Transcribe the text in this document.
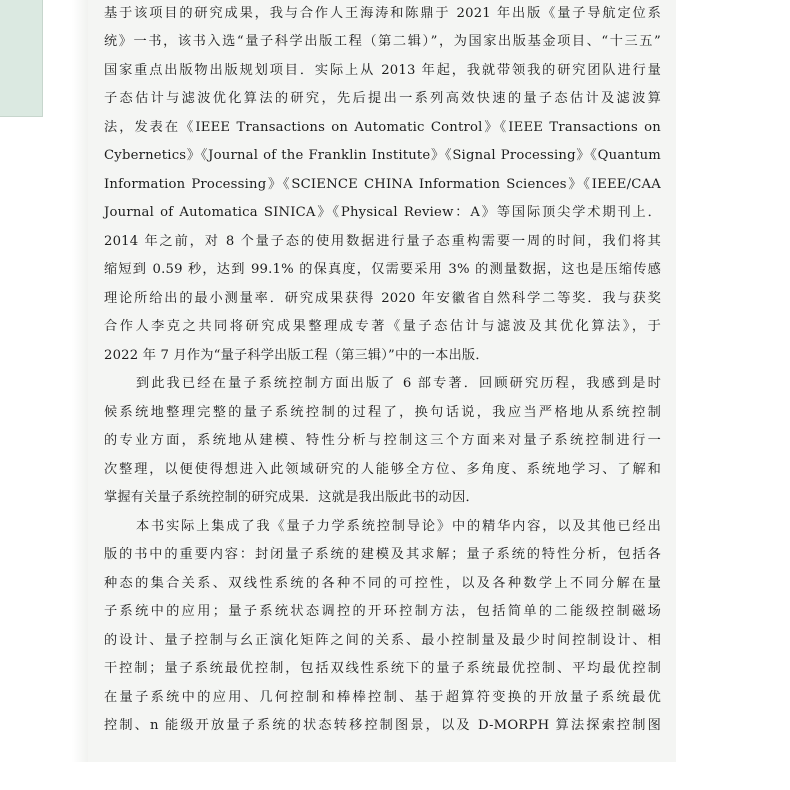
基于该项目的研究成果，我与合作人王海涛和陈鼎于 2021 年出版《量子导航定位系
统》一书，该书入选“量子科学出版工程（第二辑）”，为国家出版基金项目、“十三五”
国家重点出版物出版规划项目．实际上从 2013 年起，我就带领我的研究团队进行量
子态估计与滤波优化算法的研究，先后提出一系列高效快速的量子态估计及滤波算
法，发表在《IEEE Transactions on Automatic Control》《IEEE Transactions on
Cybernetics》《Journal of the Franklin Institute》《Signal Processing》《Quantum
Information Processing》《SCIENCE CHINA Information Sciences》《IEEE/CAA
Journal of Automatica SINICA》《Physical Review：A》等国际顶尖学术期刊上．
2014 年之前，对 8 个量子态的使用数据进行量子态重构需要一周的时间，我们将其
缩短到 0.59 秒，达到 99.1% 的保真度，仅需要采用 3% 的测量数据，这也是压缩传感
理论所给出的最小测量率．研究成果获得 2020 年安徽省自然科学二等奖．我与获奖
合作人李克之共同将研究成果整理成专著《量子态估计与滤波及其优化算法》，于
2022 年 7 月作为“量子科学出版工程（第三辑）”中的一本出版．
到此我已经在量子系统控制方面出版了 6 部专著．回顾研究历程，我感到是时
候系统地整理完整的量子系统控制的过程了，换句话说，我应当严格地从系统控制
的专业方面，系统地从建模、特性分析与控制这三个方面来对量子系统控制进行一
次整理，以便使得想进入此领域研究的人能够全方位、多角度、系统地学习、了解和
掌握有关量子系统控制的研究成果．这就是我出版此书的动因．
本书实际上集成了我《量子力学系统控制导论》中的精华内容，以及其他已经出
版的书中的重要内容：封闭量子系统的建模及其求解；量子系统的特性分析，包括各
种态的集合关系、双线性系统的各种不同的可控性，以及各种数学上不同分解在量
子系统中的应用；量子系统状态调控的开环控制方法，包括简单的二能级控制磁场
的设计、量子控制与幺正演化矩阵之间的关系、最小控制量及最少时间控制设计、相
干控制；量子系统最优控制，包括双线性系统下的量子系统最优控制、平均最优控制
在量子系统中的应用、几何控制和棒棒控制、基于超算符变换的开放量子系统最优
控制、n 能级开放量子系统的状态转移控制图景，以及 D-MORPH 算法探索控制图
